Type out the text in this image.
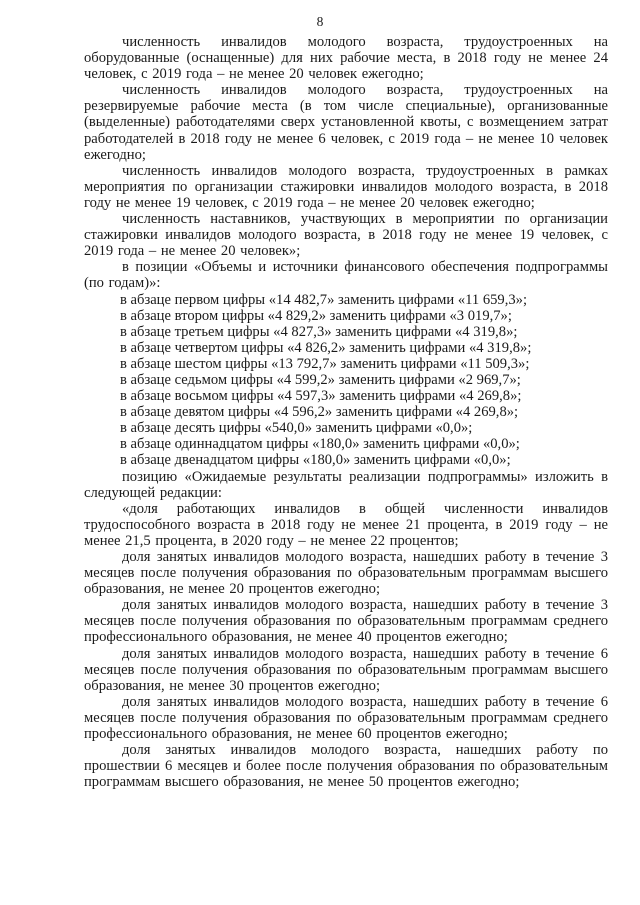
8

численность инвалидов молодого возраста, трудоустроенных на оборудованные (оснащенные) для них рабочие места, в 2018 году не менее 24 человек, с 2019 года – не менее 20 человек ежегодно;

численность инвалидов молодого возраста, трудоустроенных на резервируемые рабочие места (в том числе специальные), организованные (выделенные) работодателями сверх установленной квоты, с возмещением затрат работодателей в 2018 году не менее 6 человек, с 2019 года – не менее 10 человек ежегодно;

численность инвалидов молодого возраста, трудоустроенных в рамках мероприятия по организации стажировки инвалидов молодого возраста, в 2018 году не менее 19 человек, с 2019 года – не менее 20 человек ежегодно;

численность наставников, участвующих в мероприятии по организации стажировки инвалидов молодого возраста, в 2018 году не менее 19 человек, с 2019 года – не менее 20 человек»;

в позиции «Объемы и источники финансового обеспечения подпрограммы (по годам)»:

в абзаце первом цифры «14 482,7» заменить цифрами «11 659,3»;

в абзаце втором цифры «4 829,2» заменить цифрами «3 019,7»;

в абзаце третьем цифры «4 827,3» заменить цифрами «4 319,8»;

в абзаце четвертом цифры «4 826,2» заменить цифрами «4 319,8»;

в абзаце шестом цифры «13 792,7» заменить цифрами «11 509,3»;

в абзаце седьмом цифры «4 599,2» заменить цифрами «2 969,7»;

в абзаце восьмом цифры «4 597,3» заменить цифрами «4 269,8»;

в абзаце девятом цифры «4 596,2» заменить цифрами «4 269,8»;

в абзаце десять цифры «540,0» заменить цифрами «0,0»;

в абзаце одиннадцатом цифры «180,0» заменить цифрами «0,0»;

в абзаце двенадцатом цифры «180,0» заменить цифрами «0,0»;

позицию «Ожидаемые результаты реализации подпрограммы» изложить в следующей редакции:

«доля работающих инвалидов в общей численности инвалидов трудоспособного возраста в 2018 году не менее 21 процента, в 2019 году – не менее 21,5 процента, в 2020 году – не менее 22 процентов;

доля занятых инвалидов молодого возраста, нашедших работу в течение 3 месяцев после получения образования по образовательным программам высшего образования, не менее 20 процентов ежегодно;

доля занятых инвалидов молодого возраста, нашедших работу в течение 3 месяцев после получения образования по образовательным программам среднего профессионального образования, не менее 40 процентов ежегодно;

доля занятых инвалидов молодого возраста, нашедших работу в течение 6 месяцев после получения образования по образовательным программам высшего образования, не менее 30 процентов ежегодно;

доля занятых инвалидов молодого возраста, нашедших работу в течение 6 месяцев после получения образования по образовательным программам среднего профессионального образования, не менее 60 процентов ежегодно;

доля занятых инвалидов молодого возраста, нашедших работу по прошествии 6 месяцев и более после получения образования по образовательным программам высшего образования, не менее 50 процентов ежегодно;
